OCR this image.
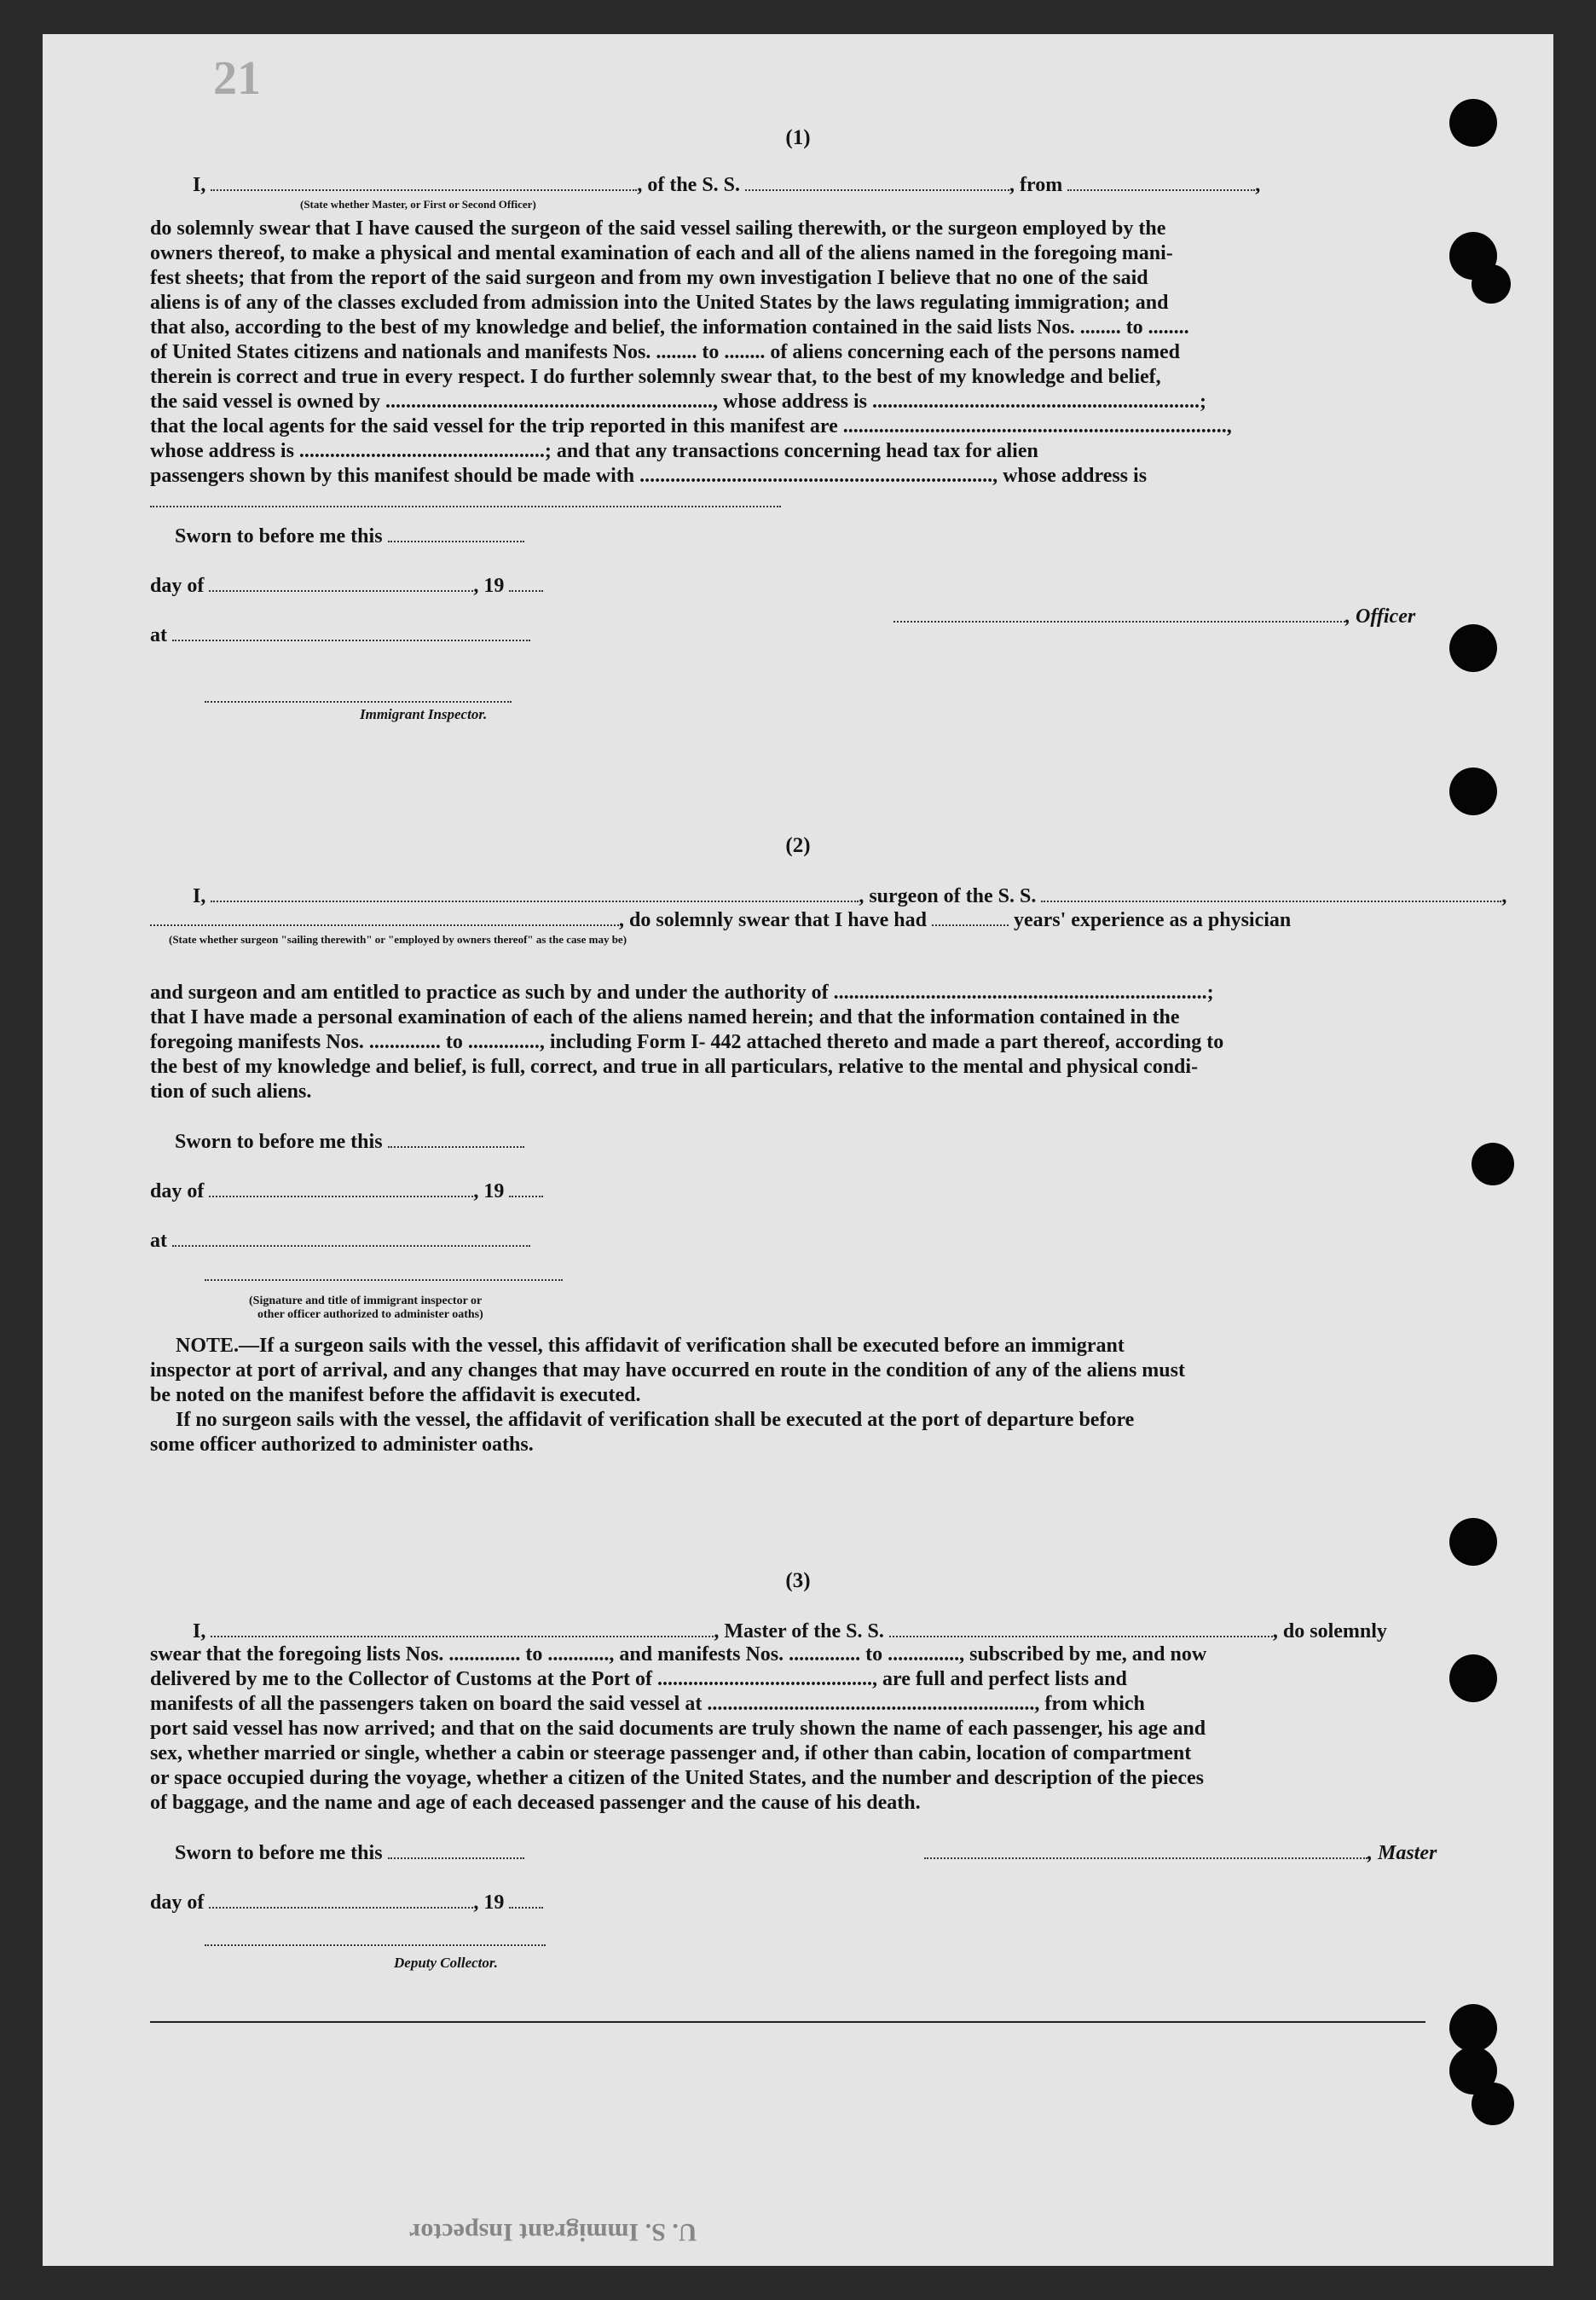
21
(1)
I,	, of the S. S.	, from	,
(State whether Master, or First or Second Officer)
do solemnly swear that I have caused the surgeon of the said vessel sailing therewith, or the surgeon employed by the
owners thereof, to make a physical and mental examination of each and all of the aliens named in the foregoing mani-
fest sheets; that from the report of the said surgeon and from my own investigation I believe that no one of the said
aliens is of any of the classes excluded from admission into the United States by the laws regulating immigration; and
that also, according to the best of my knowledge and belief, the information contained in the said lists Nos. ........ to ........
of United States citizens and nationals and manifests Nos. ........ to ........ of aliens concerning each of the persons named
therein is correct and true in every respect. I do further solemnly swear that, to the best of my knowledge and belief,
the said vessel is owned by ................................................................, whose address is ................................................................;
that the local agents for the said vessel for the trip reported in this manifest are ...........................................................................,
whose address is ................................................; and that any transactions concerning head tax for alien
passengers shown by this manifest should be made with ....................................................................., whose address is
Sworn to before me this
day of	, 19
at
, Officer
Immigrant Inspector.
(2)
I,	, surgeon of the S. S.	,
, do solemnly swear that I have had	years' experience as a physician
(State whether surgeon "sailing therewith" or "employed by owners thereof" as the case may be)
and surgeon and am entitled to practice as such by and under the authority of .........................................................................;
that I have made a personal examination of each of the aliens named herein; and that the information contained in the
foregoing manifests Nos. .............. to .............., including Form I- 442 attached thereto and made a part thereof, according to
the best of my knowledge and belief, is full, correct, and true in all particulars, relative to the mental and physical condi-
tion of such aliens.
Sworn to before me this
day of	, 19
at
(Signature and title of immigrant inspector or
other officer authorized to administer oaths)
NOTE.—If a surgeon sails with the vessel, this affidavit of verification shall be executed before an immigrant
inspector at port of arrival, and any changes that may have occurred en route in the condition of any of the aliens must
be noted on the manifest before the affidavit is executed.
If no surgeon sails with the vessel, the affidavit of verification shall be executed at the port of departure before
some officer authorized to administer oaths.
(3)
I,	, Master of the S. S.	, do solemnly
swear that the foregoing lists Nos. .............. to ............, and manifests Nos. .............. to .............., subscribed by me, and now
delivered by me to the Collector of Customs at the Port of .........................................., are full and perfect lists and
manifests of all the passengers taken on board the said vessel at ................................................................, from which
port said vessel has now arrived; and that on the said documents are truly shown the name of each passenger, his age and
sex, whether married or single, whether a cabin or steerage passenger and, if other than cabin, location of compartment
or space occupied during the voyage, whether a citizen of the United States, and the number and description of the pieces
of baggage, and the name and age of each deceased passenger and the cause of his death.
Sworn to before me this	, Master
day of	, 19
Deputy Collector.
U. S. Immigrant Inspector
